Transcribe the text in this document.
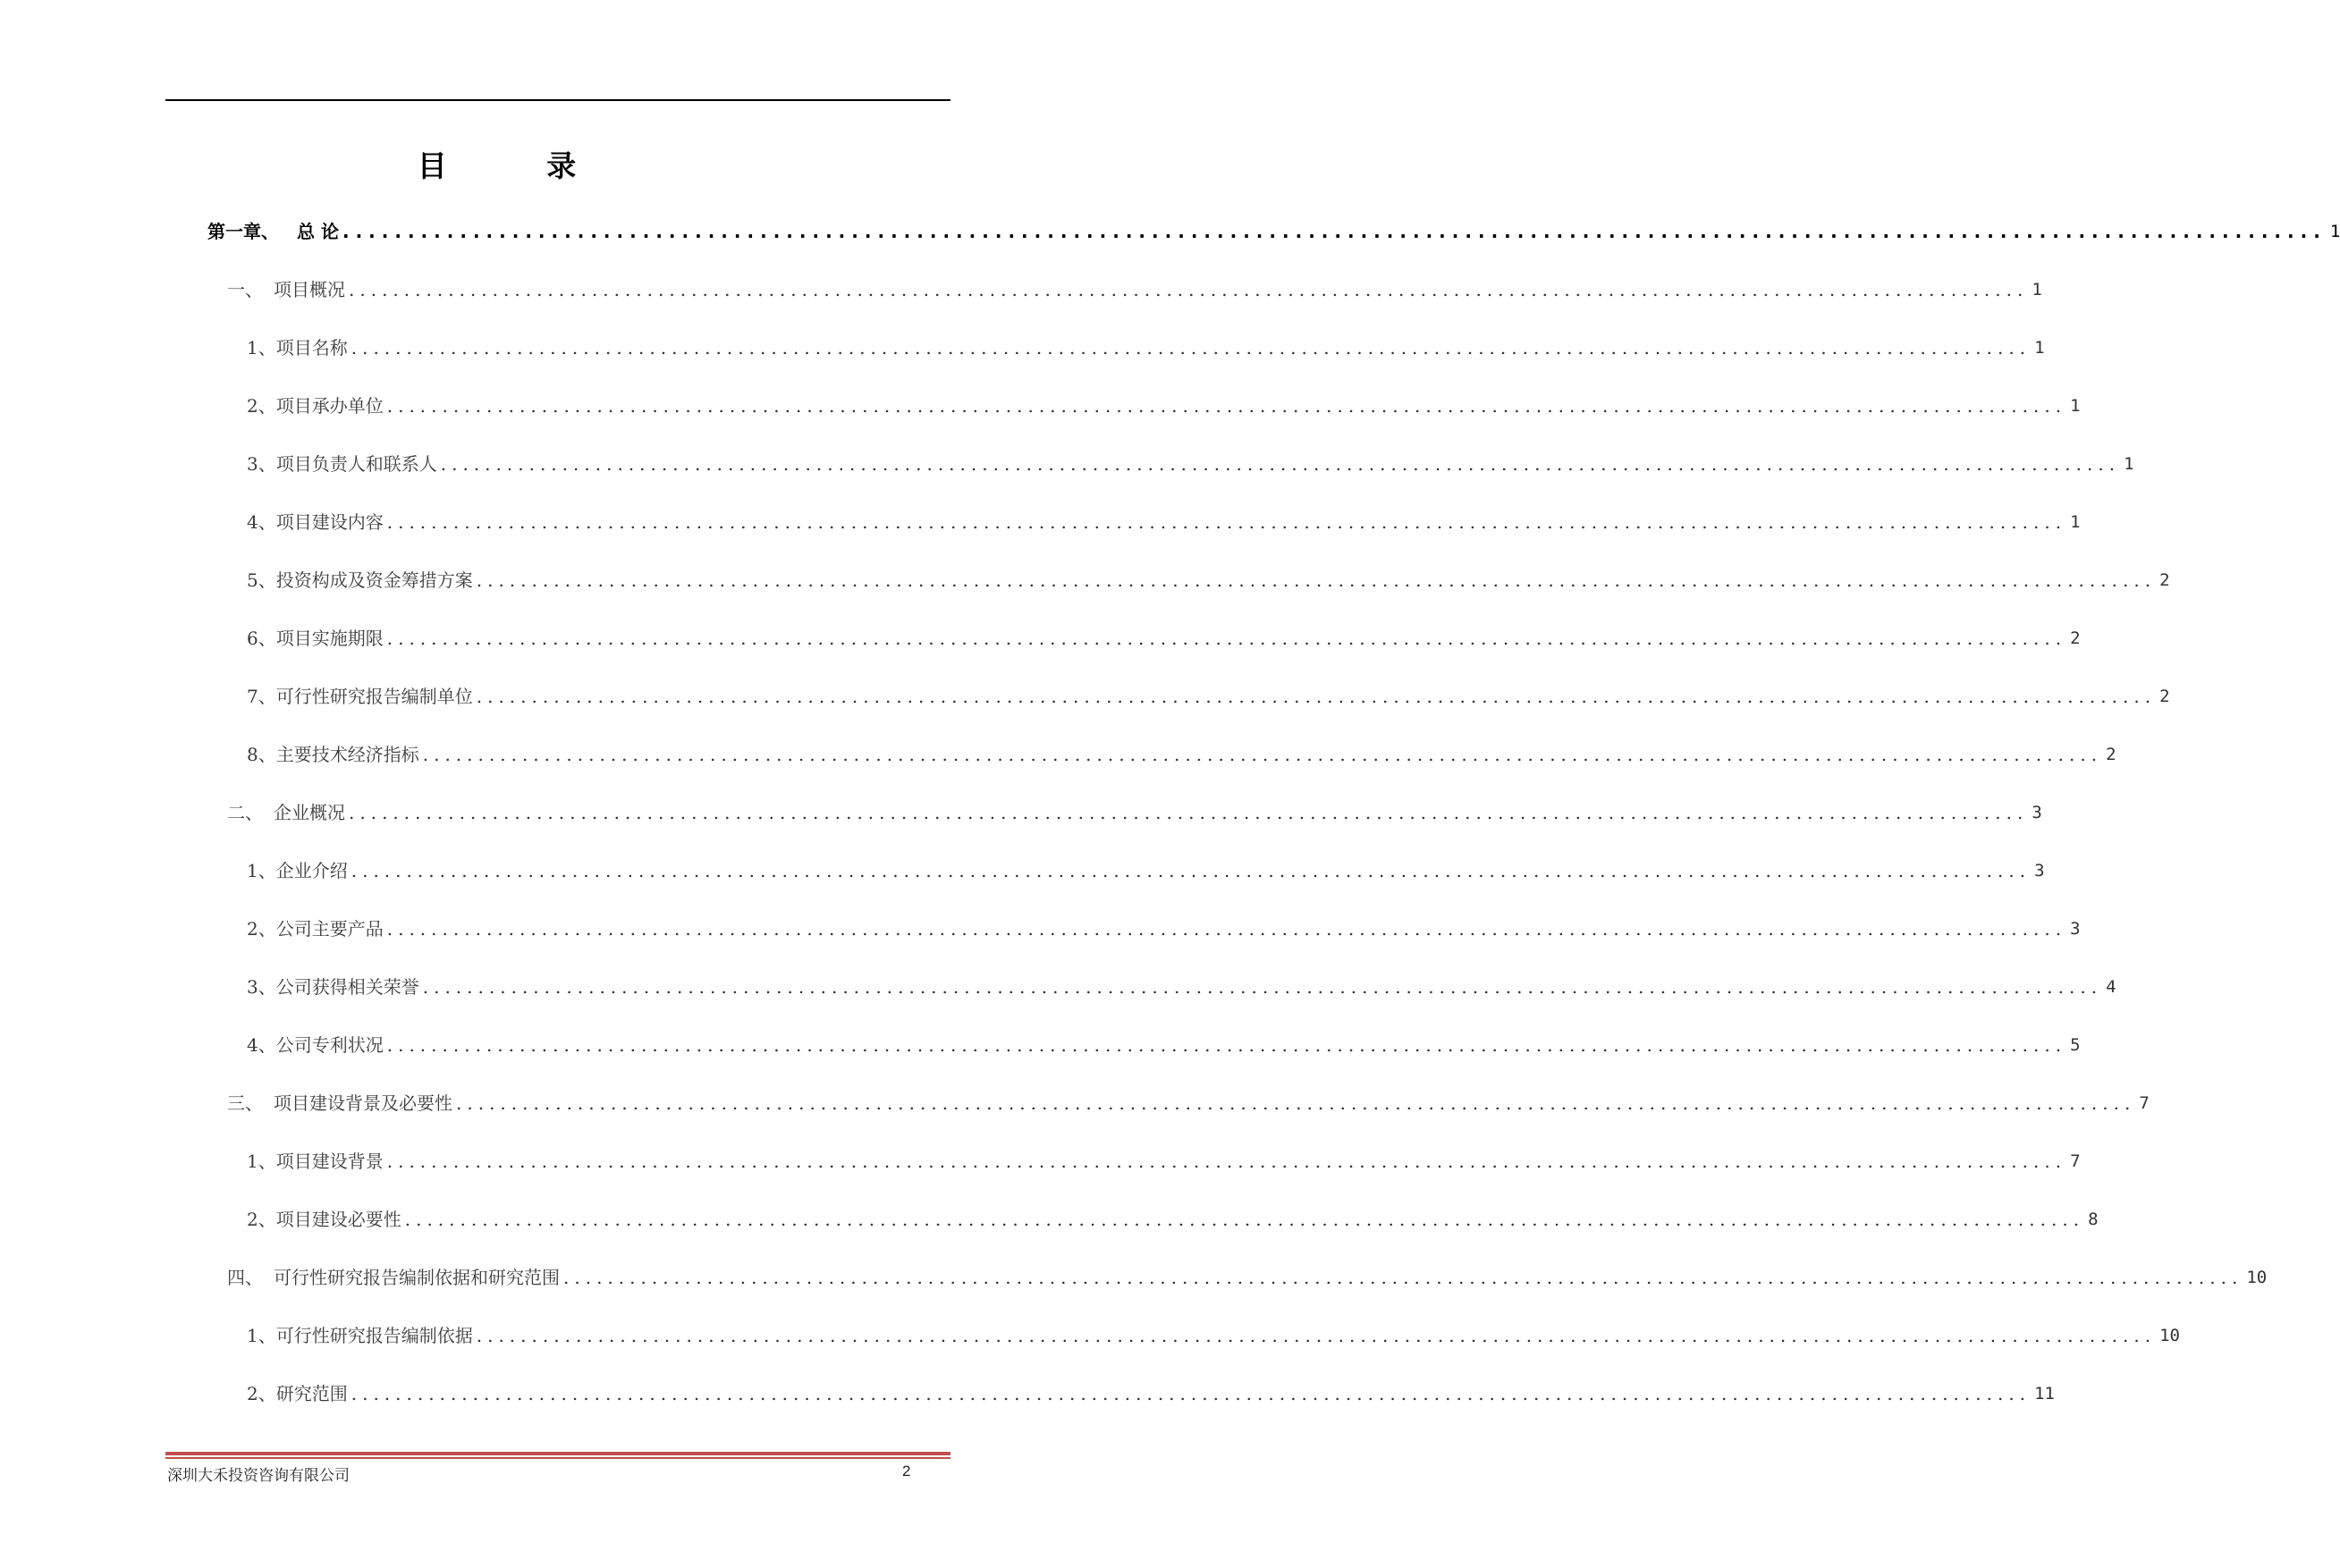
目 录
第一章、 总 论 ........................................................................................................................................................ 1
一、 项目概况 ........................................................................................................................................................ 1
1、项目名称 ........................................................................................................................................................ 1
2、项目承办单位 ........................................................................................................................................................ 1
3、项目负责人和联系人 ........................................................................................................................................................ 1
4、项目建设内容 ........................................................................................................................................................ 1
5、投资构成及资金筹措方案 ........................................................................................................................................................ 2
6、项目实施期限 ........................................................................................................................................................ 2
7、可行性研究报告编制单位 ........................................................................................................................................................ 2
8、主要技术经济指标 ........................................................................................................................................................ 2
二、 企业概况 ........................................................................................................................................................ 3
1、企业介绍 ........................................................................................................................................................ 3
2、公司主要产品 ........................................................................................................................................................ 3
3、公司获得相关荣誉 ........................................................................................................................................................ 4
4、公司专利状况 ........................................................................................................................................................ 5
三、 项目建设背景及必要性 ........................................................................................................................................................ 7
1、项目建设背景 ........................................................................................................................................................ 7
2、项目建设必要性 ........................................................................................................................................................ 8
四、 可行性研究报告编制依据和研究范围 ........................................................................................................................................................ 10
1、可行性研究报告编制依据 ........................................................................................................................................................ 10
2、研究范围 ........................................................................................................................................................ 11
深圳大禾投资咨询有限公司	2
